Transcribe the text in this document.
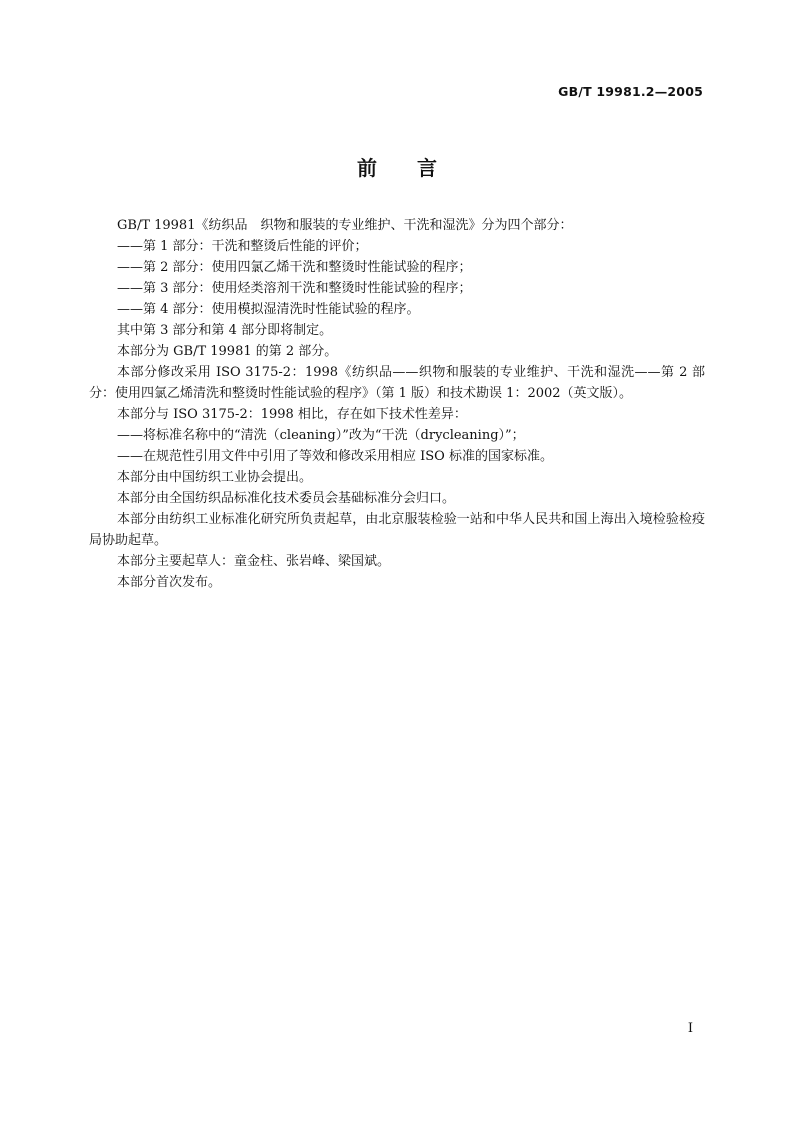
GB/T 19981.2—2005
前　　言

GB/T 19981《纺织品　织物和服装的专业维护、干洗和湿洗》分为四个部分：

——第 1 部分：干洗和整烫后性能的评价；

——第 2 部分：使用四氯乙烯干洗和整烫时性能试验的程序；

——第 3 部分：使用烃类溶剂干洗和整烫时性能试验的程序；

——第 4 部分：使用模拟湿清洗时性能试验的程序。

其中第 3 部分和第 4 部分即将制定。

本部分为 GB/T 19981 的第 2 部分。

本部分修改采用 ISO 3175-2：1998《纺织品——织物和服装的专业维护、干洗和湿洗——第 2 部分：使用四氯乙烯清洗和整烫时性能试验的程序》（第 1 版）和技术勘误 1：2002（英文版）。

本部分与 ISO 3175-2：1998 相比，存在如下技术性差异：

——将标准名称中的“清洗（cleaning）”改为“干洗（drycleaning）”；

——在规范性引用文件中引用了等效和修改采用相应 ISO 标准的国家标准。

本部分由中国纺织工业协会提出。

本部分由全国纺织品标准化技术委员会基础标准分会归口。

本部分由纺织工业标准化研究所负责起草，由北京服装检验一站和中华人民共和国上海出入境检验检疫局协助起草。

本部分主要起草人：童金柱、张岩峰、梁国斌。

本部分首次发布。

I
